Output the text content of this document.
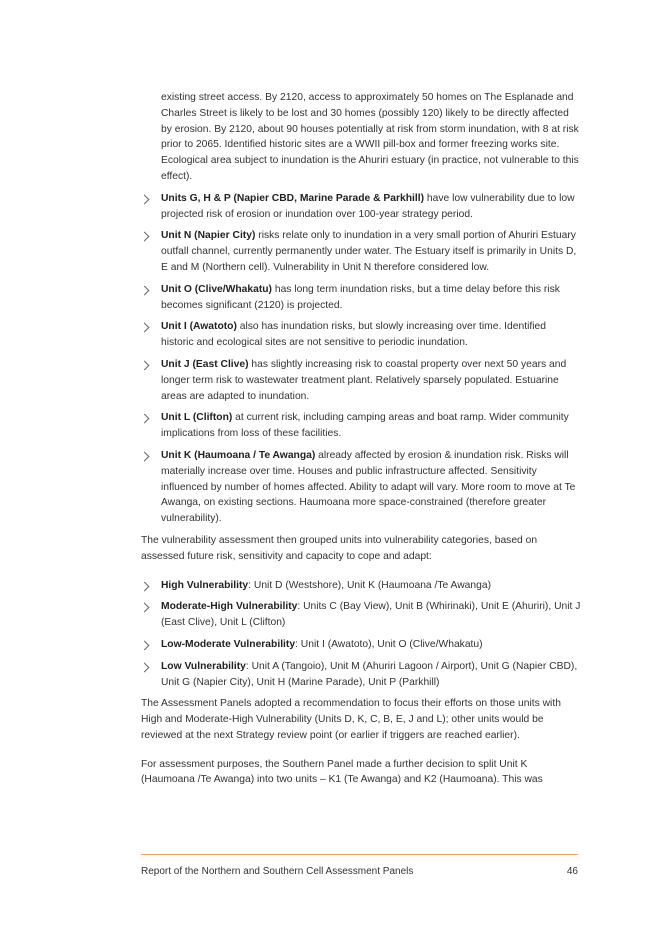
existing street access. By 2120, access to approximately 50 homes on The Esplanade and Charles Street is likely to be lost and 30 homes (possibly 120) likely to be directly affected by erosion. By 2120, about 90 houses potentially at risk from storm inundation, with 8 at risk prior to 2065. Identified historic sites are a WWII pill-box and former freezing works site. Ecological area subject to inundation is the Ahuriri estuary (in practice, not vulnerable to this effect).

Units G, H & P (Napier CBD, Marine Parade & Parkhill) have low vulnerability due to low projected risk of erosion or inundation over 100-year strategy period.
Unit N (Napier City) risks relate only to inundation in a very small portion of Ahuriri Estuary outfall channel, currently permanently under water. The Estuary itself is primarily in Units D, E and M (Northern cell). Vulnerability in Unit N therefore considered low.
Unit O (Clive/Whakatu) has long term inundation risks, but a time delay before this risk becomes significant (2120) is projected.
Unit I (Awatoto) also has inundation risks, but slowly increasing over time. Identified historic and ecological sites are not sensitive to periodic inundation.
Unit J (East Clive) has slightly increasing risk to coastal property over next 50 years and longer term risk to wastewater treatment plant. Relatively sparsely populated. Estuarine areas are adapted to inundation.
Unit L (Clifton) at current risk, including camping areas and boat ramp. Wider community implications from loss of these facilities.
Unit K (Haumoana / Te Awanga) already affected by erosion & inundation risk. Risks will materially increase over time. Houses and public infrastructure affected. Sensitivity influenced by number of homes affected. Ability to adapt will vary. More room to move at Te Awanga, on existing sections. Haumoana more space-constrained (therefore greater vulnerability).

The vulnerability assessment then grouped units into vulnerability categories, based on assessed future risk, sensitivity and capacity to cope and adapt:

High Vulnerability: Unit D (Westshore), Unit K (Haumoana /Te Awanga)
Moderate-High Vulnerability: Units C (Bay View), Unit B (Whirinaki), Unit E (Ahuriri), Unit J (East Clive), Unit L (Clifton)
Low-Moderate Vulnerability: Unit I (Awatoto), Unit O (Clive/Whakatu)
Low Vulnerability: Unit A (Tangoio), Unit M (Ahuriri Lagoon / Airport), Unit G (Napier CBD), Unit G (Napier City), Unit H (Marine Parade), Unit P (Parkhill)

The Assessment Panels adopted a recommendation to focus their efforts on those units with High and Moderate-High Vulnerability (Units D, K, C, B, E, J and L); other units would be reviewed at the next Strategy review point (or earlier if triggers are reached earlier).

For assessment purposes, the Southern Panel made a further decision to split Unit K (Haumoana /Te Awanga) into two units – K1 (Te Awanga) and K2 (Haumoana). This was

Report of the Northern and Southern Cell Assessment Panels	46
